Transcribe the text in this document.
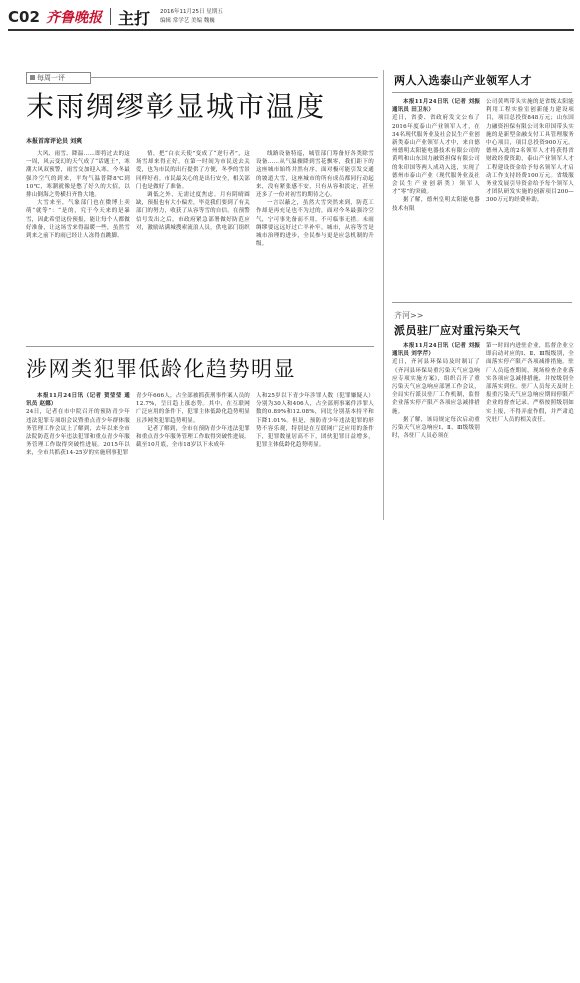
C02 齐鲁晚报 主打 2016年11月25日 星期五
编辑 常学艺 美编 魏巍
每周一评
末雨绸缪彰显城市温度
本报首席评论员 刘爽

大风、雨雪、降温……即将过去的这一周，风云变幻的天气成了“话题王”，寒潮大风双预警，雨雪交加迎入寒，今冬最强冷空气的到来，平均气温普降8℃到10℃，寒潮就像是憋了好久的大招，以排山倒海之势横扫齐鲁大地。

大雪来至，气象部门也在微博上卖萌“就等”：“是的，究于今天来的是暴雪，因此希望这份预报，能让每个人都做好准备，让这场雪来得温暖一些，虽然雪到来之前下的雨已经让人冻得直跳脚。

情，把“白衣天使”变成了“逆行者”，这场雪却来得正好，在第一时间为市民送去关爱，也为市民的出行提供了方便，冬季的雪景同样好看。市民最关心的是出行安全，相关部门也是做好了准备。

调低之外，无需过度焦虑。月有阴晴圆缺，预报也有大小偏差，毕竟我们要到了有关部门的努力，收获了从容等雪的自信。在预警信号发出之后，市政府紧急部署做好防范应对，激励站满城搜索流浪人员，供电部门组织

线路设备特巡，城管部门筹备好各类除雪设备……从气温骤降到雪花飘零，我们距下的这座城市始终井然有序，面对极可能引发交通的坡道大雪，这座城市的所有成员都同行动起来，没有紧张感不安，只有从容和淡定，甚至还多了一份对初雪的期待之心。

一言以蔽之，虽然大雪突然来到，防范工作却是再充足也不为过的，面对今冬最强冷空气，宁可事先备而不用，不可临事无措。未雨绸缪要远远好过亡羊补牢。城市，从容等雪是城市治理的进步，全民参与更是应急机制的升级。

涉网类犯罪低龄化趋势明显

本报11月24日讯（记者 贺莹莹 通讯员 赵娜）

24日，记者在市中院召开的预防青少年违法犯罪专项组会议暨重点青少年群体服务管理工作会议上了解到，去年以来全市法院防范青少年违法犯罪和重点青少年服务管理工作取得突破性进展。2015年以来，全市共抓获14-25岁的实施刑事犯罪

青少年666人，占全部被抓获刑事作案人员的12.7%，呈日趋上涨态势。其中，在互联网广泛应用的条件下，犯罪主体低龄化趋势明显且涉网类犯罪趋势明显。

记者了解到，全市在预防青少年违法犯罪和重点青少年服务管理工作取得突破性进展。截至10月底，全市18岁以下未成年

人和25岁以下青少年涉罪人数（犯罪嫌疑人）分别为30人和406人，占全部刑事案件涉罪人数的0.89%和12.08%，同比分别基本持平和下降1.01%。但是，预防青少年违法犯罪的形势不容乐观，特别是在互联网广泛应用的条件下，犯罪数量居高不下，团伙犯罪日益增多，犯罪主体低龄化趋势明显。

两人入选泰山产业领军人才

本报11月24日讯（记者 刘振 通讯员 田卫东）

近日，省委、省政府发文公布了2016年度泰山产业领军人才，在34名现代服务业及社会民生产业创新类泰山产业领军人才中，来自德州德明太阳能电器技术有限公司的黄鸣和山东国力融资担保有限公司的朱印国等两人成功入选，实现了德州市泰山产业（现代服务业及社会民生产业创新类）领军人才“零”的突破。

据了解，德州皇明太阳能电器技术有限

公司黄鸣带头实施的是省级太阳能利用工程实验室创新能力建设项目，项目总投资848万元；山东国力融资担保有限公司朱印国带头实施的是新型金融支付工具管理服务中心项目，项目总投资900万元。德州入选的2名领军人才将获得省财政经费资助，泰山产业领军人才工程建设资金给予每名领军人才启动工作支持经费100万元。省级服务业发展引导资金给予每个领军人才团队研发实施的创新项目200—300万元的经费补助。

齐河>>
派员驻厂应对重污染天气

本报11月24日讯（记者 刘振 通讯员 刘学芹）

近日，齐河县环保局及时制订了《齐河县环保局重污染天气应急响应专项实施方案》，组织召开了重污染天气应急响应部署工作会议，全局实行派员驻厂工作机制，监督企业落实停产限产各项应急减排措施。

据了解，该局规定每次启动重污染天气应急响应Ⅰ、Ⅱ、Ⅲ级级别时，各驻厂人员必须在

第一时间内进驻企业，监督企业立即启动对应的Ⅰ、Ⅱ、Ⅲ级级别，全面落实停产限产各项减排措施。驻厂人员巡查期间，现场检查企业落实各项应急减排措施，并按级别全部落实到位。驻厂人员每天及时上报重污染天气应急响应期间停限产企业的督查记录，严格按照级别如实上报，不得弄虚作假，并严肃追究驻厂人员的相关责任。
